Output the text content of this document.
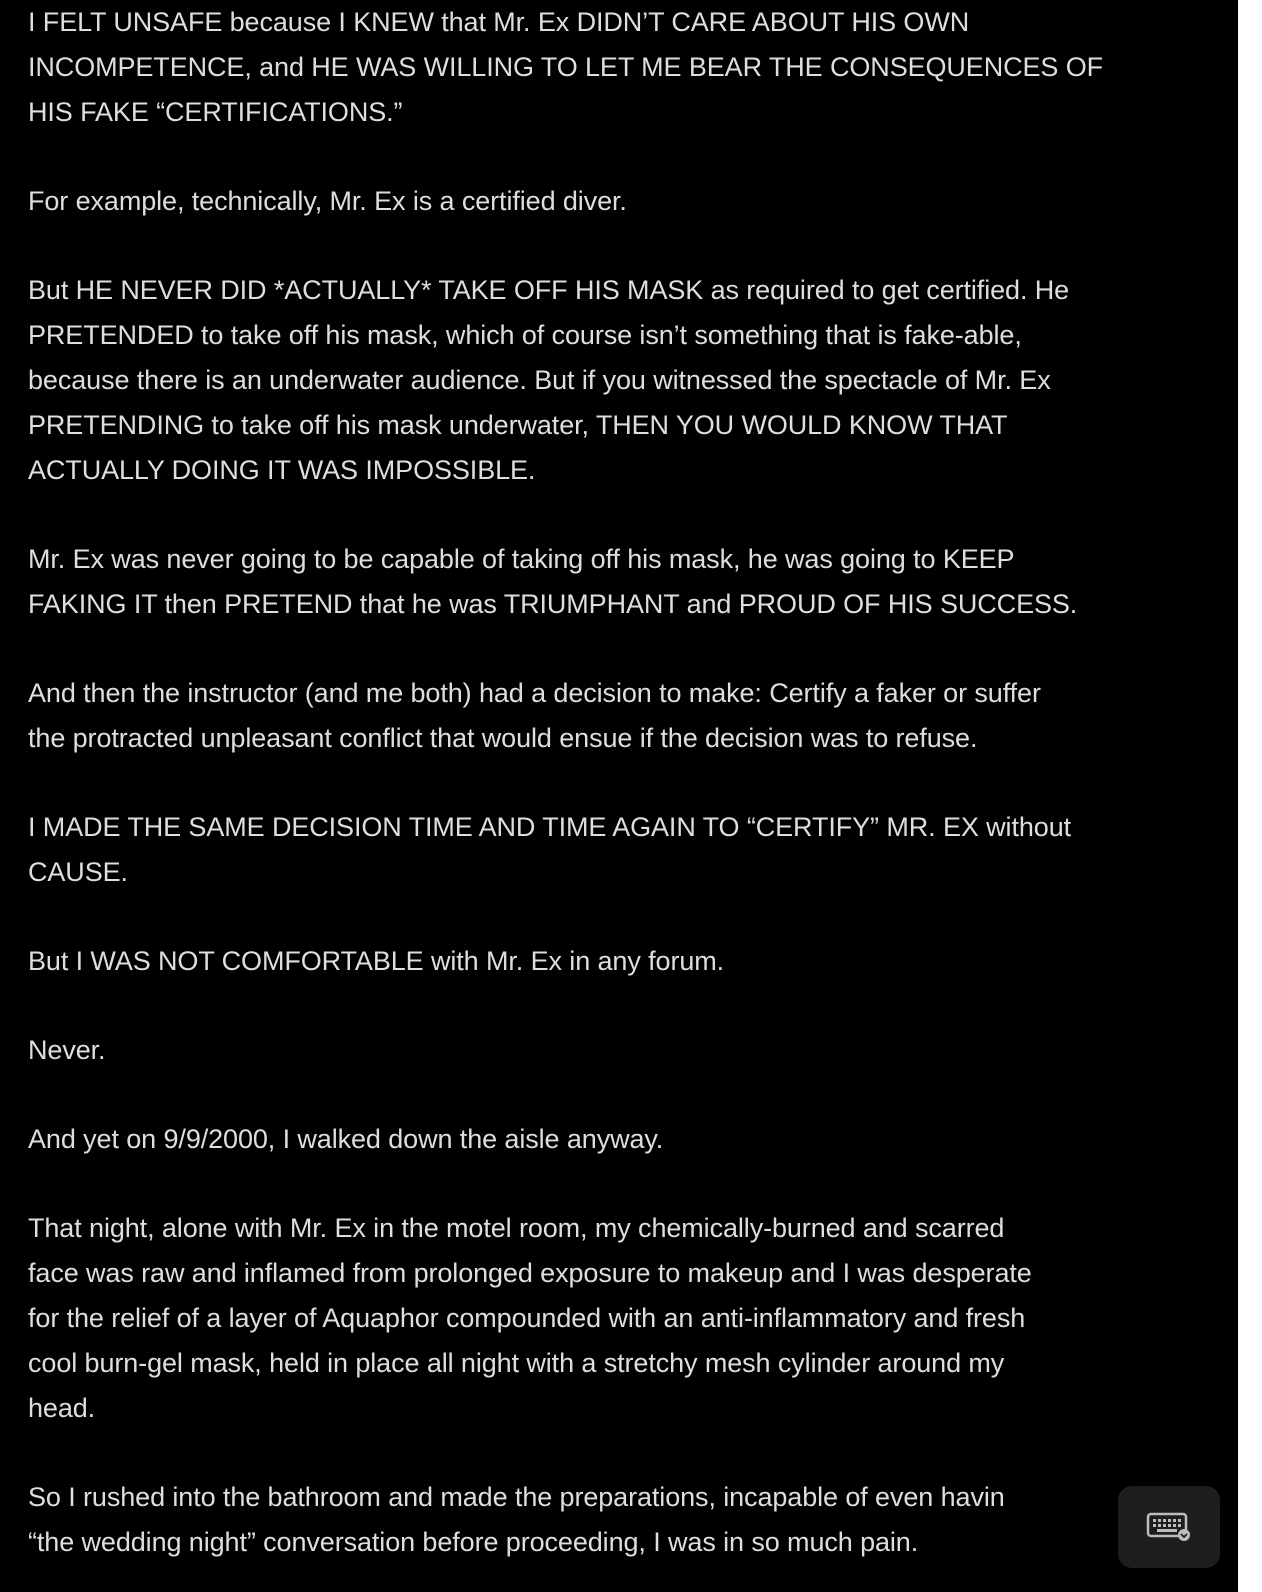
I FELT UNSAFE because I KNEW that Mr. Ex DIDN’T CARE ABOUT HIS OWN
INCOMPETENCE, and HE WAS WILLING TO LET ME BEAR THE CONSEQUENCES OF
HIS FAKE “CERTIFICATIONS.”
For example, technically, Mr. Ex is a certified diver.
But HE NEVER DID *ACTUALLY* TAKE OFF HIS MASK as required to get certified. He
PRETENDED to take off his mask, which of course isn’t something that is fake-able,
because there is an underwater audience. But if you witnessed the spectacle of Mr. Ex
PRETENDING to take off his mask underwater, THEN YOU WOULD KNOW THAT
ACTUALLY DOING IT WAS IMPOSSIBLE.
Mr. Ex was never going to be capable of taking off his mask, he was going to KEEP
FAKING IT then PRETEND that he was TRIUMPHANT and PROUD OF HIS SUCCESS.
And then the instructor (and me both) had a decision to make: Certify a faker or suffer
the protracted unpleasant conflict that would ensue if the decision was to refuse.
I MADE THE SAME DECISION TIME AND TIME AGAIN TO “CERTIFY” MR. EX without
CAUSE.
But I WAS NOT COMFORTABLE with Mr. Ex in any forum.
Never.
And yet on 9/9/2000, I walked down the aisle anyway.
That night, alone with Mr. Ex in the motel room, my chemically-burned and scarred
face was raw and inflamed from prolonged exposure to makeup and I was desperate
for the relief of a layer of Aquaphor compounded with an anti-inflammatory and fresh
cool burn-gel mask, held in place all night with a stretchy mesh cylinder around my
head.
So I rushed into the bathroom and made the preparations, incapable of even havin
“the wedding night” conversation before proceeding, I was in so much pain.
